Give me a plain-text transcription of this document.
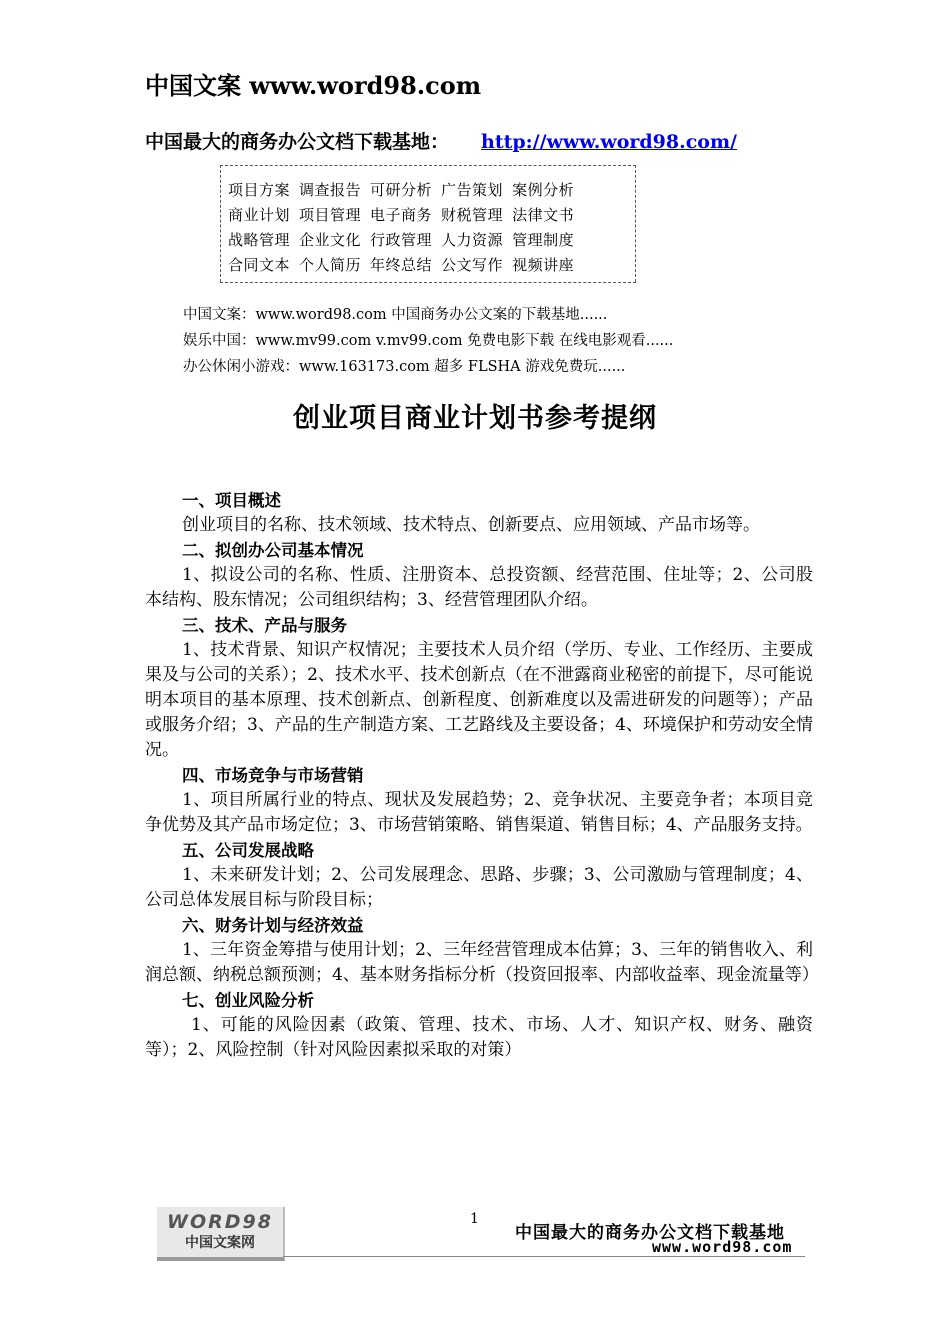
中国文案 www.word98.com
中国最大的商务办公文档下载基地： http://www.word98.com/
项目方案 调查报告 可研分析 广告策划 案例分析
商业计划 项目管理 电子商务 财税管理 法律文书
战略管理 企业文化 行政管理 人力资源 管理制度
合同文本 个人简历 年终总结 公文写作 视频讲座
中国文案：www.word98.com 中国商务办公文案的下载基地......
娱乐中国：www.mv99.com v.mv99.com 免费电影下载 在线电影观看......
办公休闲小游戏：www.163173.com 超多 FLSHA 游戏免费玩......
创业项目商业计划书参考提纲
一、项目概述
创业项目的名称、技术领域、技术特点、创新要点、应用领域、产品市场等。
二、拟创办公司基本情况
1、拟设公司的名称、性质、注册资本、总投资额、经营范围、住址等；2、公司股本结构、股东情况；公司组织结构；3、经营管理团队介绍。
三、技术、产品与服务
1、技术背景、知识产权情况；主要技术人员介绍（学历、专业、工作经历、主要成果及与公司的关系）；2、技术水平、技术创新点（在不泄露商业秘密的前提下，尽可能说明本项目的基本原理、技术创新点、创新程度、创新难度以及需进研发的问题等）；产品或服务介绍；3、产品的生产制造方案、工艺路线及主要设备；4、环境保护和劳动安全情况。
四、市场竞争与市场营销
1、项目所属行业的特点、现状及发展趋势；2、竞争状况、主要竞争者；本项目竞争优势及其产品市场定位；3、市场营销策略、销售渠道、销售目标；4、产品服务支持。
五、公司发展战略
1、未来研发计划；2、公司发展理念、思路、步骤；3、公司激励与管理制度；4、公司总体发展目标与阶段目标；
六、财务计划与经济效益
1、三年资金筹措与使用计划；2、三年经营管理成本估算；3、三年的销售收入、利润总额、纳税总额预测；4、基本财务指标分析（投资回报率、内部收益率、现金流量等）
七、创业风险分析
1、可能的风险因素（政策、管理、技术、市场、人才、知识产权、财务、融资等）；2、风险控制（针对风险因素拟采取的对策）
WORD98
中国文案网
1
中国最大的商务办公文档下载基地
www.word98.com
